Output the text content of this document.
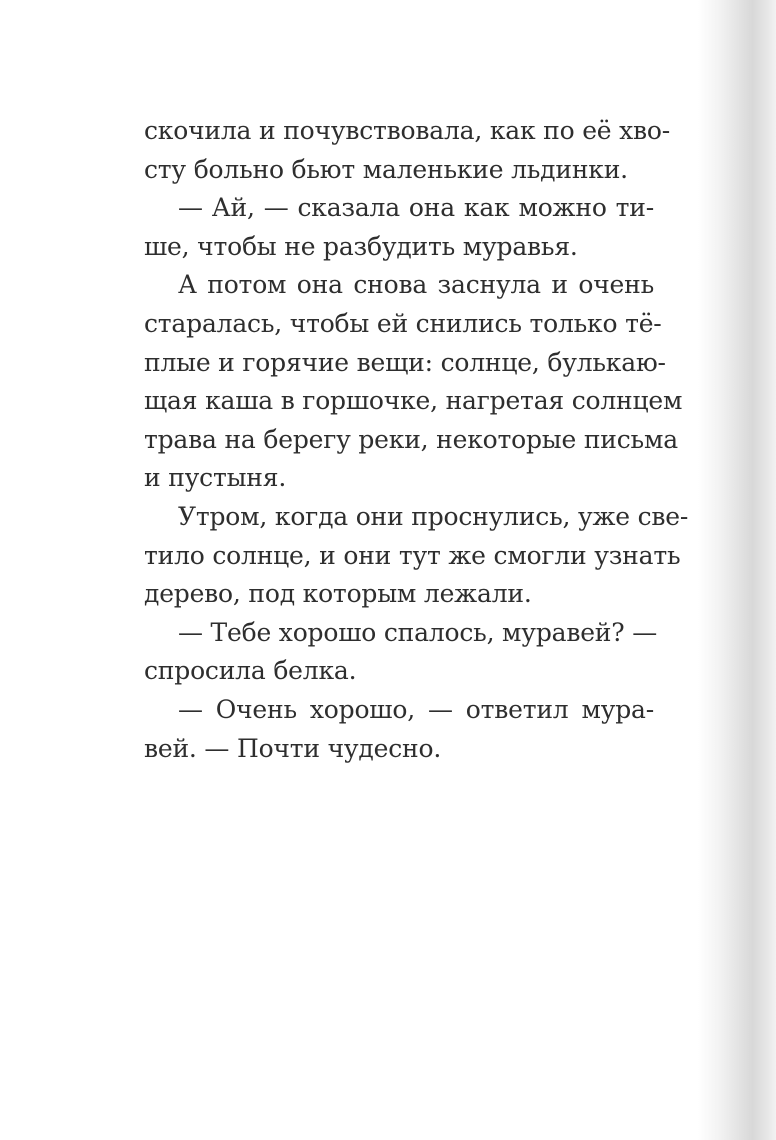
скочила и почувствовала, как по её хво-
сту больно бьют маленькие льдинки.
— Ай, — сказала она как можно ти-
ше, чтобы не разбудить муравья.
А потом она снова заснула и очень
старалась, чтобы ей снились только тё-
плые и горячие вещи: солнце, булькаю-
щая каша в горшочке, нагретая солнцем
трава на берегу реки, некоторые письма
и пустыня.
Утром, когда они проснулись, уже све-
тило солнце, и они тут же смогли узнать
дерево, под которым лежали.
— Тебе хорошо спалось, муравей? —
спросила белка.
— Очень хорошо, — ответил мура-
вей. — Почти чудесно.
